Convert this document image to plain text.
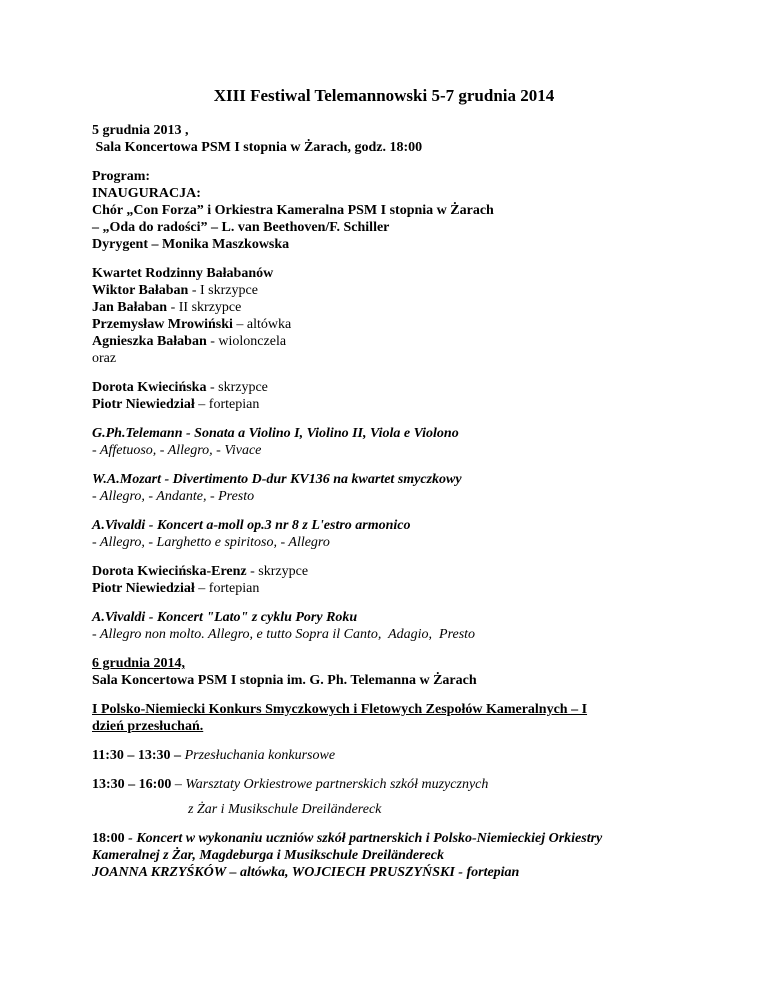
XIII Festiwal Telemannowski 5-7 grudnia 2014
5 grudnia 2013 ,
Sala Koncertowa PSM I stopnia w Żarach, godz. 18:00
Program:
INAUGURACJA:
Chór „Con Forza” i Orkiestra Kameralna PSM I stopnia w Żarach
– „Oda do radości” – L. van Beethoven/F. Schiller
Dyrygent – Monika Maszkowska
Kwartet Rodzinny Bałabanów
Wiktor Bałaban - I skrzypce
Jan Bałaban - II skrzypce
Przemysław Mrowiński – altówka
Agnieszka Bałaban - wiolonczela
oraz
Dorota Kwiecińska - skrzypce
Piotr Niewiedział – fortepian
G.Ph.Telemann - Sonata a Violino I, Violino II, Viola e Violono
- Affetuoso, - Allegro, - Vivace
W.A.Mozart - Divertimento D-dur KV136 na kwartet smyczkowy
- Allegro, - Andante, - Presto
A.Vivaldi - Koncert a-moll op.3 nr 8 z L'estro armonico
- Allegro, - Larghetto e spiritoso, - Allegro
Dorota Kwiecińska-Erenz - skrzypce
Piotr Niewiedział – fortepian
A.Vivaldi - Koncert "Lato" z cyklu Pory Roku
- Allegro non molto. Allegro, e tutto Sopra il Canto,  Adagio,  Presto
6 grudnia 2014,
Sala Koncertowa PSM I stopnia im. G. Ph. Telemanna w Żarach
I Polsko-Niemiecki Konkurs Smyczkowych i Fletowych Zespołów Kameralnych – I
dzień przesłuchań.
11:30 – 13:30 – Przesłuchania konkursowe
13:30 – 16:00 – Warsztaty Orkiestrowe partnerskich szkół muzycznych
z Żar i Musikschule Dreiländereck
18:00 - Koncert w wykonaniu uczniów szkół partnerskich i Polsko-Niemieckiej Orkiestry
Kameralnej z Żar, Magdeburga i Musikschule Dreiländereck
JOANNA KRZYŚKÓW – altówka, WOJCIECH PRUSZYŃSKI - fortepian
